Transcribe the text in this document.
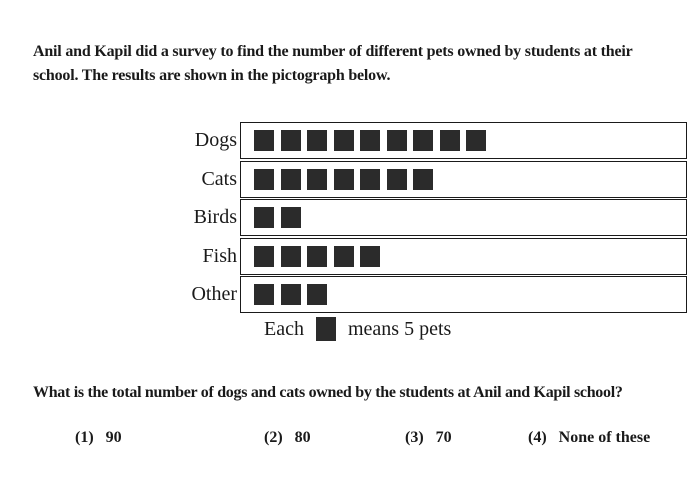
Anil and Kapil did a survey to find the number of different pets owned by students at their school. The results are shown in the pictograph below.
Dogs
Cats
Birds
Fish
Other
Each means 5 pets
What is the total number of dogs and cats owned by the students at Anil and Kapil school?
(1) 90	(2) 80	(3) 70	(4) None of these
